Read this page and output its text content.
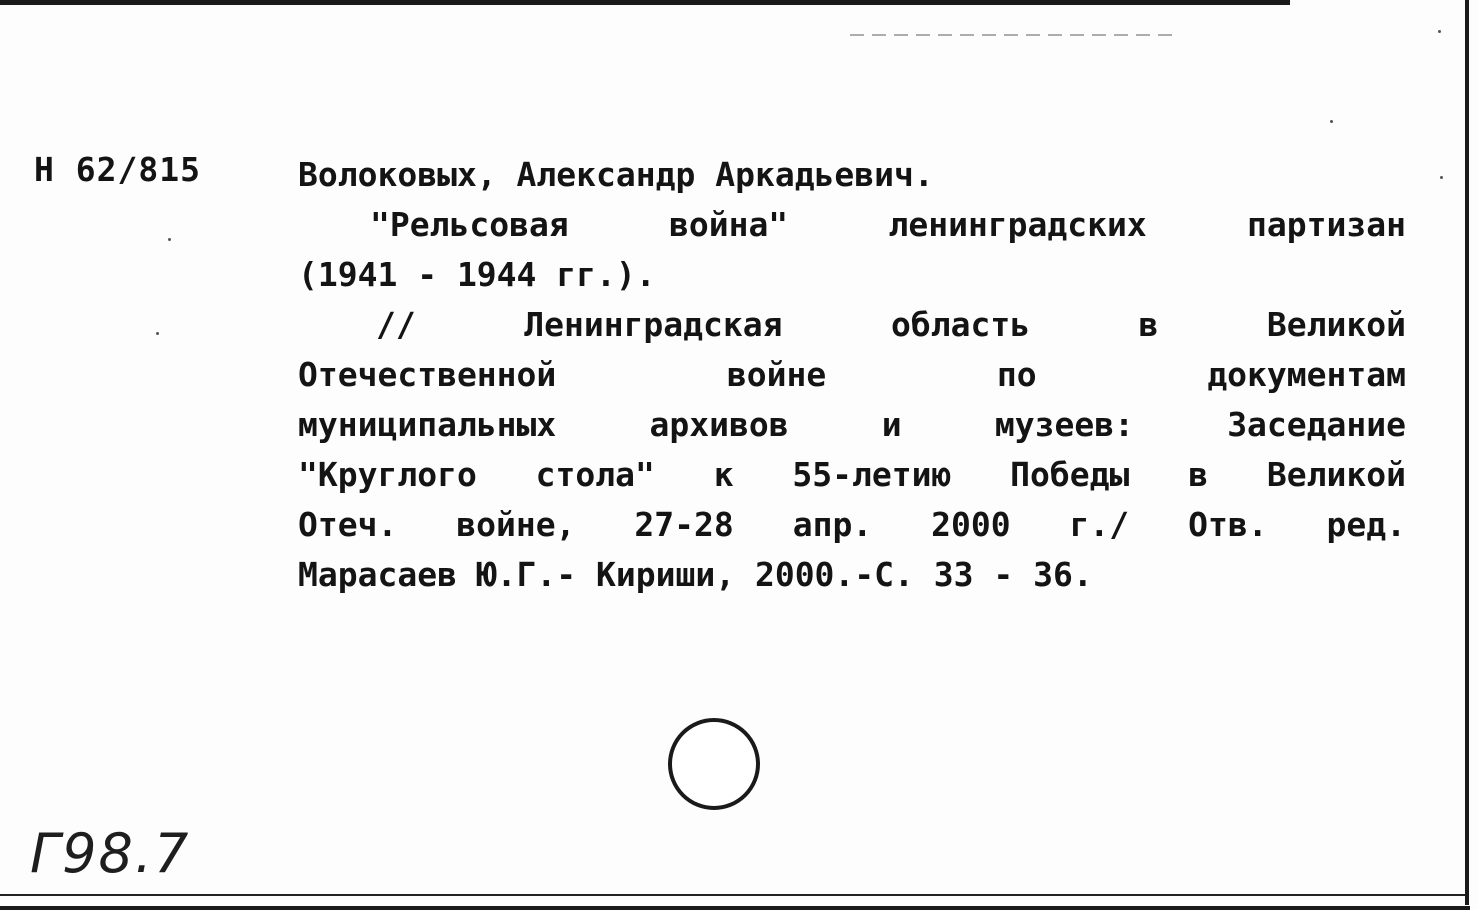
Н 62/815	Волоковых, Александр Аркадьевич.
"Рельсовая война" ленинградских партизан
(1941 - 1944 гг.).
// Ленинградская область в Великой
Отечественной войне по документам
муниципальных архивов и музеев: Заседание
"Круглого стола" к 55-летию Победы в Великой
Отеч. войне, 27-28 апр. 2000 г./ Отв. ред.
Марасаев Ю.Г.- Кириши, 2000.-С. 33 - 36.
Г98.7
